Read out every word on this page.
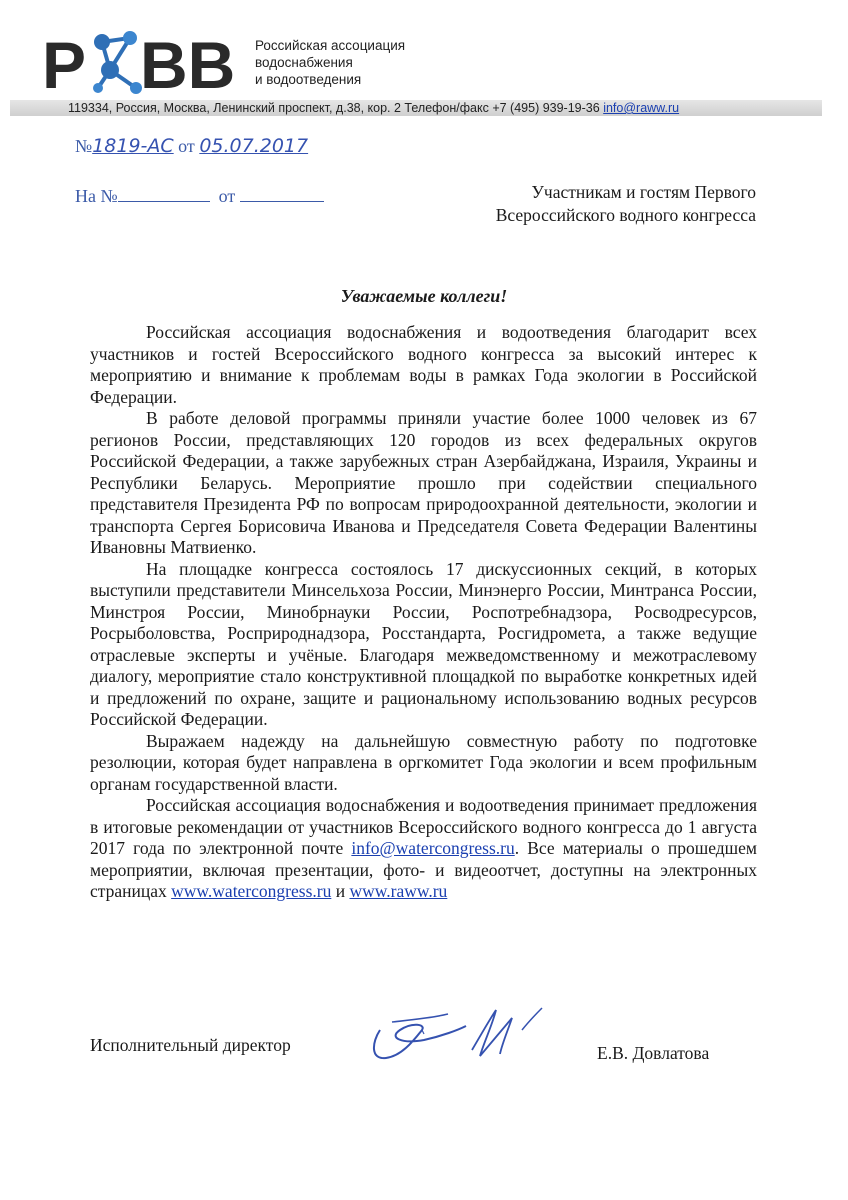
Р ВВ Российская ассоциация
водоснабжения
и водоотведения
119334, Россия, Москва, Ленинский проспект, д.38, кор. 2 Телефон/факс +7 (495) 939-19-36 info@raww.ru
№1819-АС от 05.07.2017
На №	от	Участникам и гостям Первого
Всероссийского водного конгресса
Уважаемые коллеги!

Российская ассоциация водоснабжения и водоотведения благодарит всех участников и гостей Всероссийского водного конгресса за высокий интерес к мероприятию и внимание к проблемам воды в рамках Года экологии в Российской Федерации.

В работе деловой программы приняли участие более 1000 человек из 67 регионов России, представляющих 120 городов из всех федеральных округов Российской Федерации, а также зарубежных стран Азербайджана, Израиля, Украины и Республики Беларусь. Мероприятие прошло при содействии специального представителя Президента РФ по вопросам природоохранной деятельности, экологии и транспорта Сергея Борисовича Иванова и Председателя Совета Федерации Валентины Ивановны Матвиенко.

На площадке конгресса состоялось 17 дискуссионных секций, в которых выступили представители Минсельхоза России, Минэнерго России, Минтранса России, Минстроя России, Минобрнауки России, Роспотребнадзора, Росводресурсов, Росрыболовства, Росприроднадзора, Росстандарта, Росгидромета, а также ведущие отраслевые эксперты и учёные. Благодаря межведомственному и межотраслевому диалогу, мероприятие стало конструктивной площадкой по выработке конкретных идей и предложений по охране, защите и рациональному использованию водных ресурсов Российской Федерации.

Выражаем надежду на дальнейшую совместную работу по подготовке резолюции, которая будет направлена в оргкомитет Года экологии и всем профильным органам государственной власти.

Российская ассоциация водоснабжения и водоотведения принимает предложения в итоговые рекомендации от участников Всероссийского водного конгресса до 1 августа 2017 года по электронной почте info@watercongress.ru. Все материалы о прошедшем мероприятии, включая презентации, фото- и видеоотчет, доступны на электронных страницах www.watercongress.ru и www.raww.ru

Исполнительный директор	Е.В. Довлатова
